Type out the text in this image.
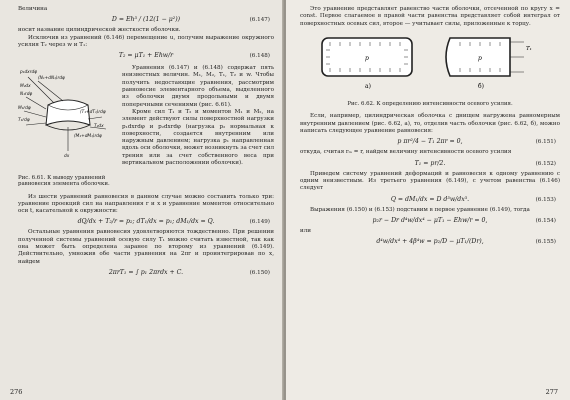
Величина

D = Eh³ / (12(1 − μ²))	(6.147)

носит название цилиндрической жесткости оболочки.

Исключив из уравнений (6.146) перемещение u, получим выражение окружного усилия T₂ через w и T₁:

T₂ = μT₁ + Ehw/r	(6.148)
p₁dxrdφ
(N₁+dN₁)rdφ
M₂dx
N₁rdφ
M₁rdφ
T₁rdφ
(T₁+dT₁)rdφ
(M₁+dM₁)rdφ
T₂dx
dx

Рис. 6.61. К выводу уравнений равновесия элемента оболочки.

Уравнения (6.147) и (6.148) содержат пять неизвестных величин. M₁, M₂, T₁, T₂ и w. Чтобы получить недостающие уравнения, рассмотрим равновесие элементарного объема, выделенного из оболочки двумя продольными и двумя поперечными сечениями (рис. 6.61).

Кроме сил T₁ и T₂ и моментов M₁ и M₂, на элемент действуют силы поверхностной нагрузки p₁dxrdφ и p₂dxrdφ (нагрузка p₂ нормальная к поверхности, создается внутренним или наружным давлением; нагрузка p₁ направленная вдоль оси оболочки, может возникнуть за счет сил трения или за счет собственного веса при вертикальном расположении оболочки).

Из шести уравнений равновесия в данном случае можно составить только три: уравнение проекций сил на направления r и x и уравнение моментов относительно оси t, касательной к окружности:

dQ/dx + T₂/r = p₂; dT₁/dx = p₁; dM₁/dx = Q.	(6.149)

Остальные уравнения равновесия удовлетворяются тождественно. При решении полученной системы уравнений осевую силу T₁ можно считать известной, так как она может быть определена заранее по второму из уравнений (6.149). Действительно, умножив обе части уравнения на 2πr и проинтегрировав по x, найдем

2πrT₁ = ∫ p₁ 2πrdx + C.	(6.150)
276

Это уравнение представляет равенство части оболочки, отсеченной по кругу x = const. Первое слагаемое в правой части равенства представляет собой интеграл от поверхностных осевых сил, второе — учитывает силы, приложенные к торцу.

p
a)
p
T₁
б)

Рис. 6.62. К определению интенсивности осевого усилия.

Если, например, цилиндрическая оболочка с днищем нагружена равномерным внутренним давлением (рис. 6.62, а), то, отделив часть оболочки (рис. 6.62, б), можно написать следующее уравнение равновесия:

p πr²/4 − T₁ 2πr = 0,	(6.151)

откуда, считая rₘ = r, найдем величину интенсивности осевого усилия

T₁ = pr/2.	(6.152)

Приведем систему уравнений деформаций и равновесия к одному уравнению с одним неизвестным. Из третьего уравнения (6.149), с учетом равенства (6.146) следует

Q = dM₁/dx = D d³w/dx³.	(6.153)

Выражения (6.150) и (6.153) подставим в первое уравнение (6.149), тогда

p₂r − Dr d⁴w/dx⁴ − μT₁ − Ehw/r = 0,	(6.154)

или

d⁴w/dx⁴ + 4β⁴w = p₂/D − μT₁/(Dr),	(6.155)
277
